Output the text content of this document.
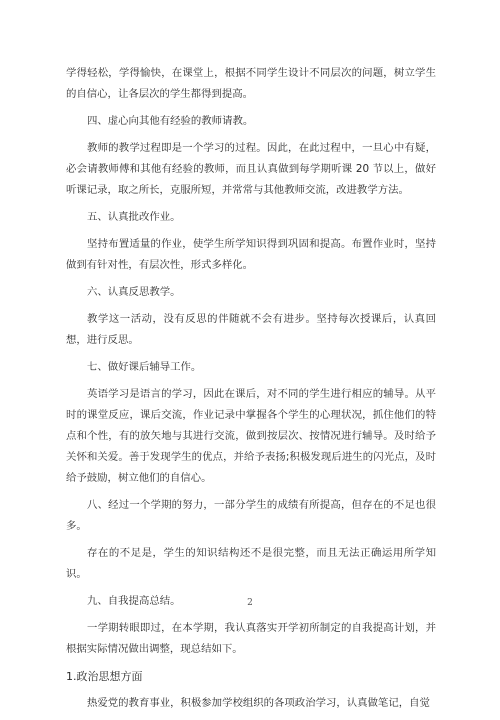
学得轻松，学得愉快，在课堂上，根据不同学生设计不同层次的问题，树立学生的自信心，让各层次的学生都得到提高。

四、虚心向其他有经验的教师请教。

教师的教学过程即是一个学习的过程。因此，在此过程中，一旦心中有疑，必会请教师傅和其他有经验的教师，而且认真做到每学期听课 20 节以上，做好听课记录，取之所长，克服所短，并常常与其他教师交流，改进教学方法。

五、认真批改作业。

坚持布置适量的作业，使学生所学知识得到巩固和提高。布置作业时，坚持做到有针对性，有层次性，形式多样化。

六、认真反思教学。

教学这一活动，没有反思的伴随就不会有进步。坚持每次授课后，认真回想，进行反思。

七、做好课后辅导工作。

英语学习是语言的学习，因此在课后，对不同的学生进行相应的辅导。从平时的课堂反应，课后交流，作业记录中掌握各个学生的心理状况，抓住他们的特点和个性，有的放矢地与其进行交流，做到按层次、按情况进行辅导。及时给予关怀和关爱。善于发现学生的优点，并给予表扬;积极发现后进生的闪光点，及时给予鼓励，树立他们的自信心。

八、经过一个学期的努力，一部分学生的成绩有所提高，但存在的不足也很多。

存在的不足是，学生的知识结构还不是很完整，而且无法正确运用所学知识。

九、自我提高总结。

一学期转眼即过，在本学期，我认真落实开学初所制定的自我提高计划，并根据实际情况做出调整，现总结如下。

1.政治思想方面

热爱党的教育事业，积极参加学校组织的各项政治学习，认真做笔记，自觉

2
